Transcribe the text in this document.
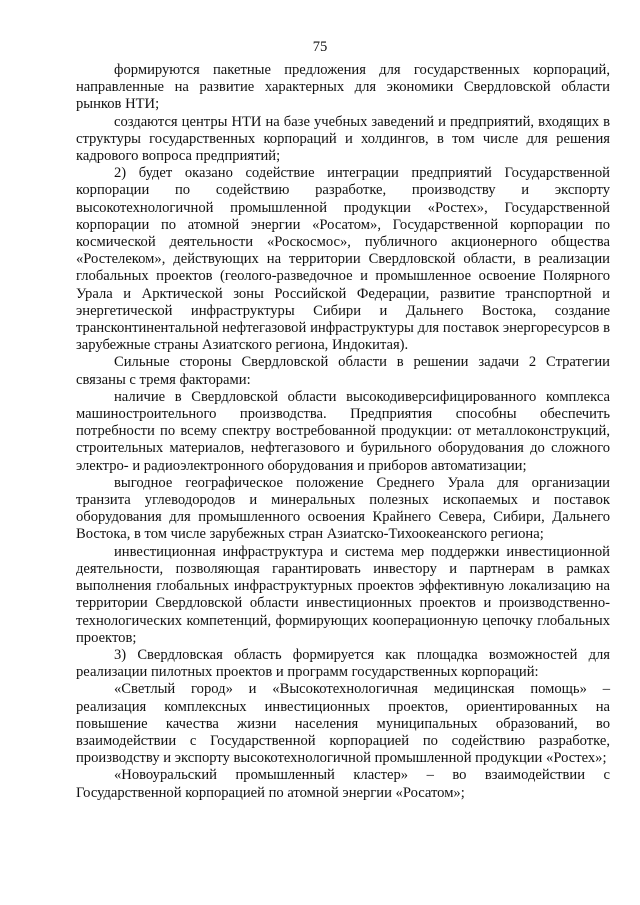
75

формируются пакетные предложения для государственных корпораций, направленные на развитие характерных для экономики Свердловской области рынков НТИ;

создаются центры НТИ на базе учебных заведений и предприятий, входящих в структуры государственных корпораций и холдингов, в том числе для решения кадрового вопроса предприятий;

2) будет оказано содействие интеграции предприятий Государственной корпорации по содействию разработке, производству и экспорту высокотехнологичной промышленной продукции «Ростех», Государственной корпорации по атомной энергии «Росатом», Государственной корпорации по космической деятельности «Роскосмос», публичного акционерного общества «Ростелеком», действующих на территории Свердловской области, в реализации глобальных проектов (геолого-разведочное и промышленное освоение Полярного Урала и Арктической зоны Российской Федерации, развитие транспортной и энергетической инфраструктуры Сибири и Дальнего Востока, создание трансконтинентальной нефтегазовой инфраструктуры для поставок энергоресурсов в зарубежные страны Азиатского региона, Индокитая).

Сильные стороны Свердловской области в решении задачи 2 Стратегии связаны с тремя факторами:

наличие в Свердловской области высокодиверсифицированного комплекса машиностроительного производства. Предприятия способны обеспечить потребности по всему спектру востребованной продукции: от металлоконструкций, строительных материалов, нефтегазового и бурильного оборудования до сложного электро- и радиоэлектронного оборудования и приборов автоматизации;

выгодное географическое положение Среднего Урала для организации транзита углеводородов и минеральных полезных ископаемых и поставок оборудования для промышленного освоения Крайнего Севера, Сибири, Дальнего Востока, в том числе зарубежных стран Азиатско-Тихоокеанского региона;

инвестиционная инфраструктура и система мер поддержки инвестиционной деятельности, позволяющая гарантировать инвестору и партнерам в рамках выполнения глобальных инфраструктурных проектов эффективную локализацию на территории Свердловской области инвестиционных проектов и производственно-технологических компетенций, формирующих кооперационную цепочку глобальных проектов;

3) Свердловская область формируется как площадка возможностей для реализации пилотных проектов и программ государственных корпораций:

«Светлый город» и «Высокотехнологичная медицинская помощь» – реализация комплексных инвестиционных проектов, ориентированных на повышение качества жизни населения муниципальных образований, во взаимодействии с Государственной корпорацией по содействию разработке, производству и экспорту высокотехнологичной промышленной продукции «Ростех»;

«Новоуральский промышленный кластер» – во взаимодействии с Государственной корпорацией по атомной энергии «Росатом»;
